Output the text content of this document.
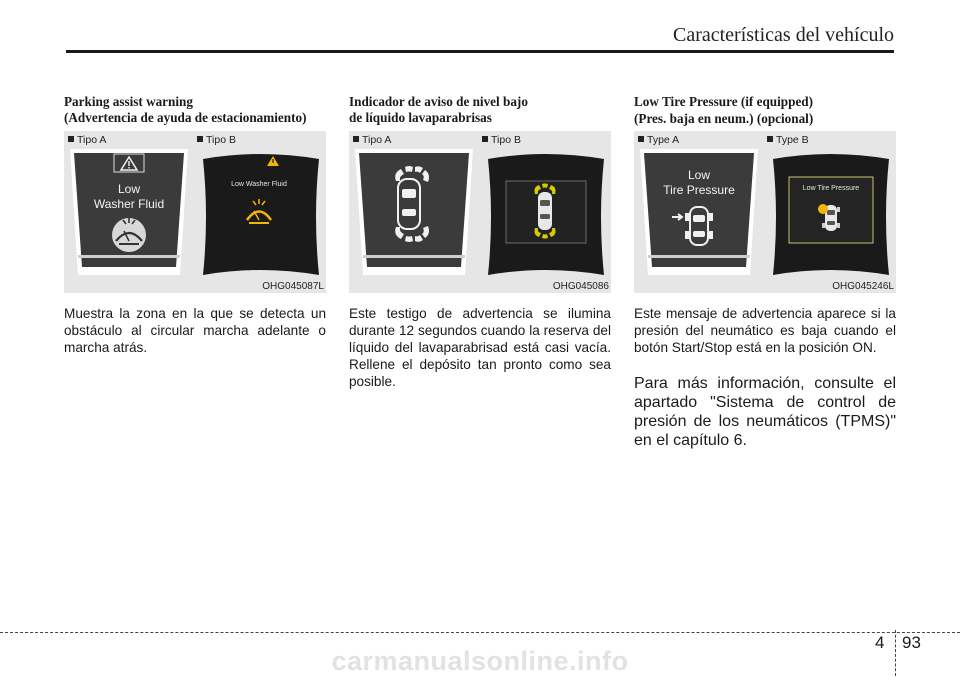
Características del vehículo
Parking assist warning
(Advertencia de ayuda de estacionamiento)
Tipo A
Low
Washer Fluid
Tipo B
Low Washer Fluid
OHG045087L
Muestra la zona en la que se detecta un obstáculo al circular marcha adelante o marcha atrás.
Indicador de aviso de nivel bajo
de líquido lavaparabrisas
Tipo A	Tipo B
OHG045086
Este testigo de advertencia se ilumina durante 12 segundos cuando la reserva del líquido del lavaparabrisad está casi vacía. Rellene el depósito tan pronto como sea posible.
Low Tire Pressure (if equipped)
(Pres. baja en neum.) (opcional)
Type A
Low
Tire Pressure
Type B
Low Tire Pressure
OHG045246L
Este mensaje de advertencia aparece si la presión del neumático es baja cuando el botón Start/Stop está en la posición ON.
Para más información, consulte el apartado "Sistema de control de presión de los neumáticos (TPMS)" en el capítulo 6.
4 93
carmanualsonline.info
